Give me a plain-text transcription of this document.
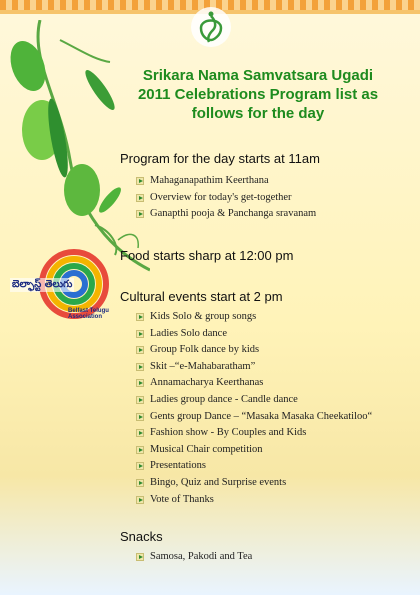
బెల్ఫాస్ట్ తెలుగు
Belfast Telugu Association
Srikara Nama Samvatsara Ugadi
2011 Celebrations Program list as
follows for the day
Program for the day starts at 11am
Mahaganapathim Keerthana
Overview for today's get-together
Ganapthi pooja & Panchanga sravanam
Food starts sharp at 12:00 pm
Cultural events start at 2 pm
Kids Solo & group songs
Ladies Solo dance
Group Folk dance by kids
Skit –“e-Mahabaratham”
Annamacharya Keerthanas
Ladies group dance - Candle dance
Gents group Dance – “Masaka Masaka Cheekatiloo“
Fashion show - By Couples and Kids
Musical Chair competition
Presentations
Bingo, Quiz and Surprise events
Vote of Thanks
Snacks
Samosa, Pakodi and Tea
